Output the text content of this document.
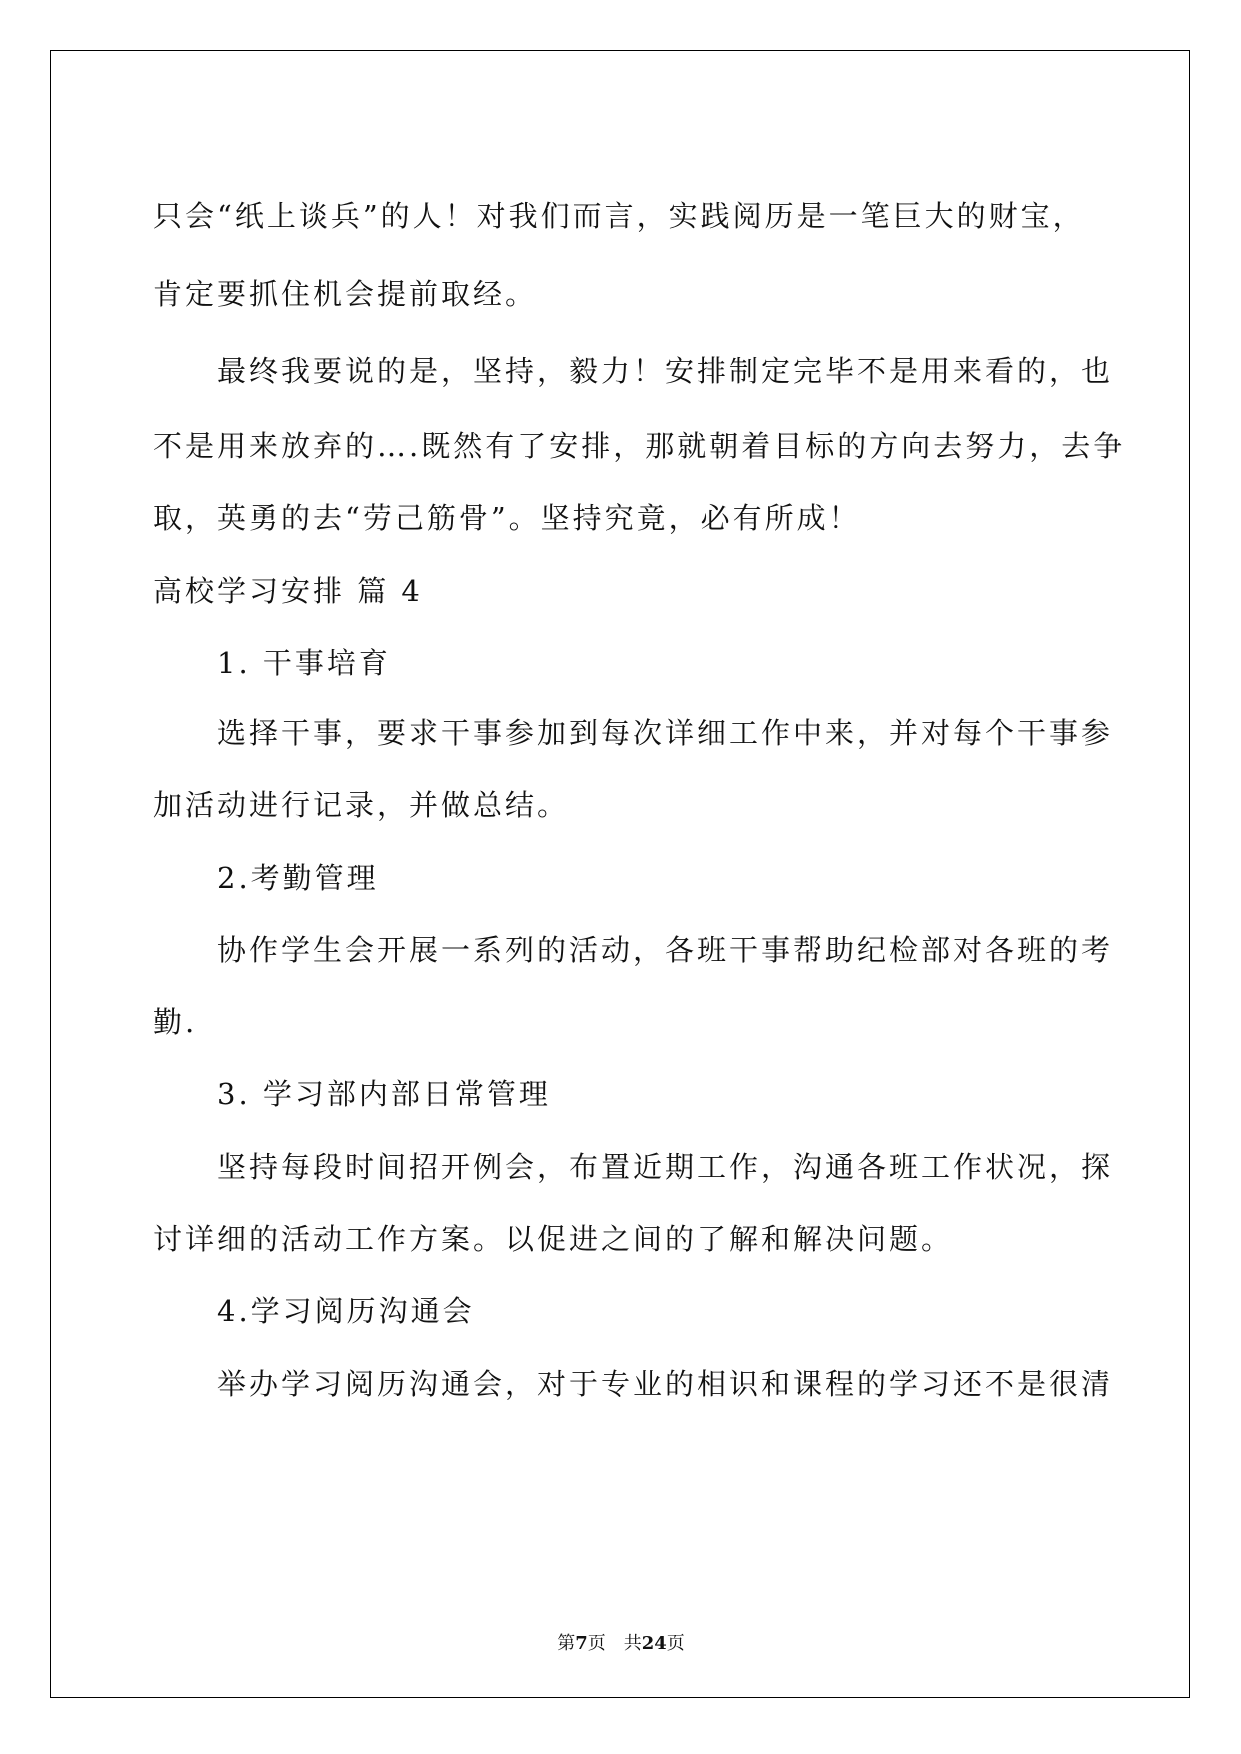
只会“纸上谈兵”的人！对我们而言，实践阅历是一笔巨大的财宝，
肯定要抓住机会提前取经。
最终我要说的是，坚持，毅力！安排制定完毕不是用来看的，也
不是用来放弃的….既然有了安排，那就朝着目标的方向去努力，去争
取，英勇的去“劳己筋骨”。坚持究竟，必有所成！
高校学习安排 篇 4
1. 干事培育
选择干事，要求干事参加到每次详细工作中来，并对每个干事参
加活动进行记录，并做总结。
2.考勤管理
协作学生会开展一系列的活动，各班干事帮助纪检部对各班的考
勤.
3. 学习部内部日常管理
坚持每段时间招开例会，布置近期工作，沟通各班工作状况，探
讨详细的活动工作方案。以促进之间的了解和解决问题。
4.学习阅历沟通会
举办学习阅历沟通会，对于专业的相识和课程的学习还不是很清
第7页　共24页
